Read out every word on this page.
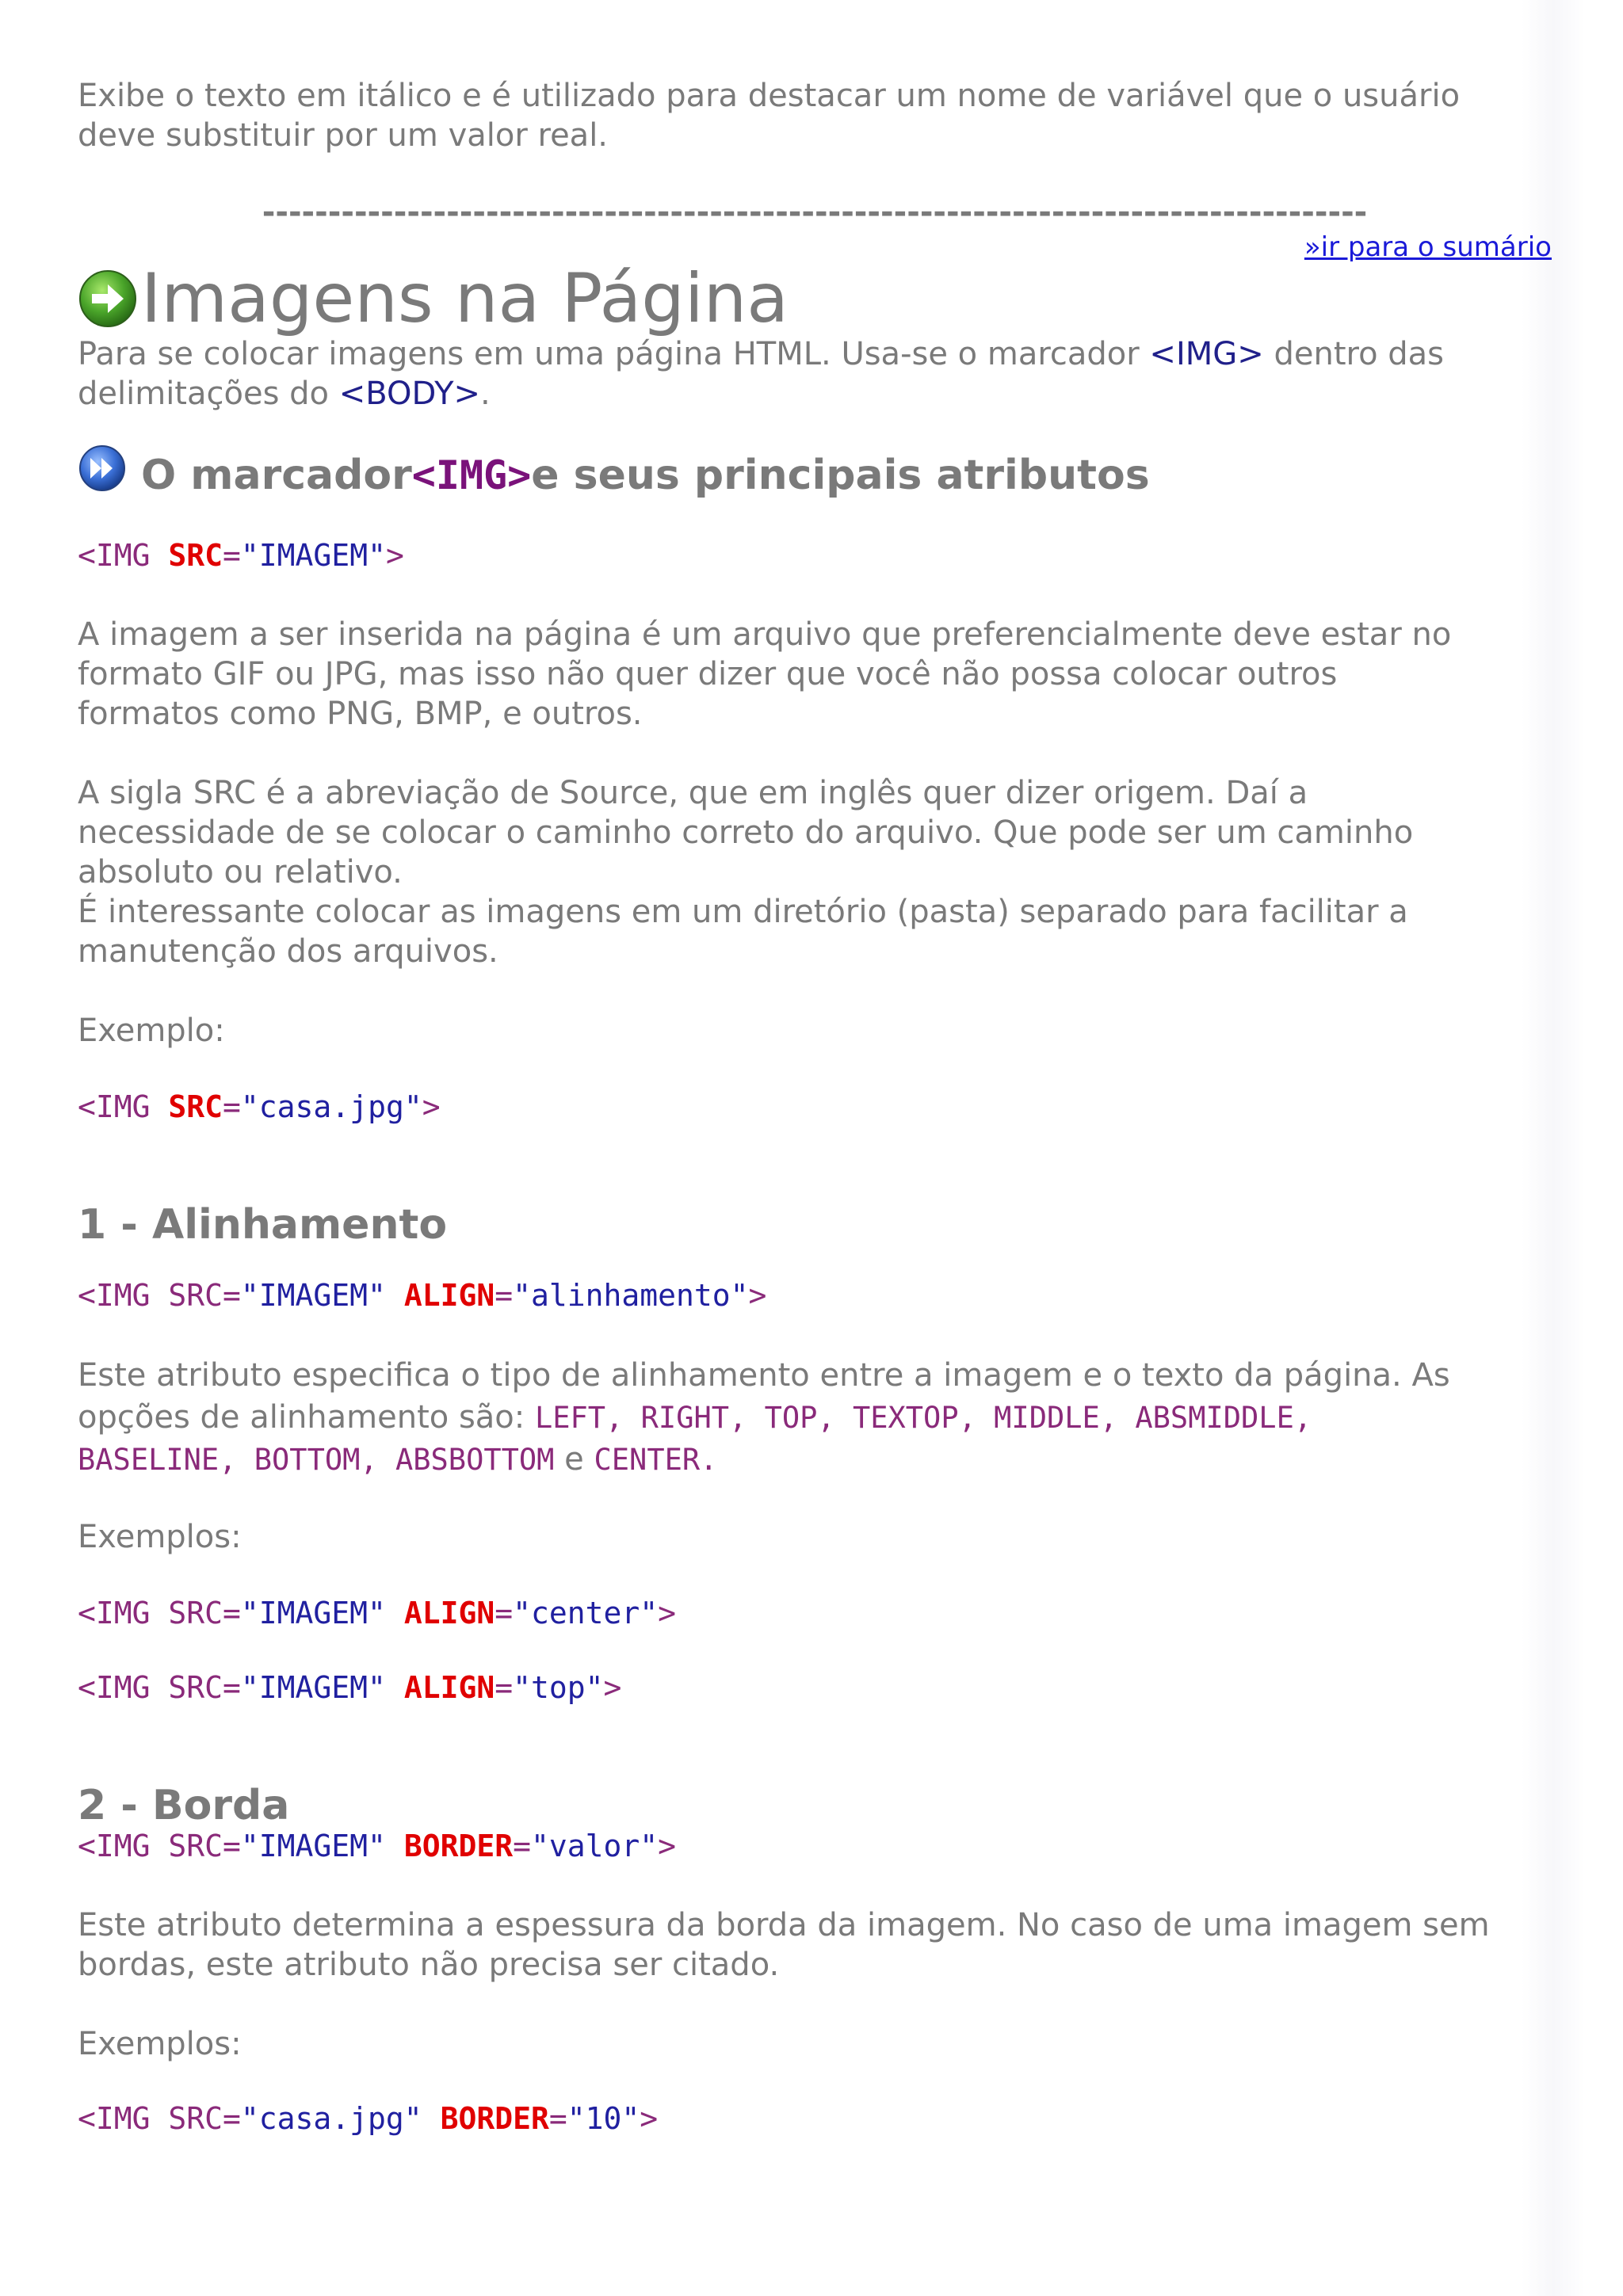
Exibe o texto em itálico e é utilizado para destacar um nome de variável que o usuário
deve substituir por um valor real.

------------------------------------------------------------------------------------
»ir para o sumário
Imagens na Página

Para se colocar imagens em uma página HTML. Usa-se o marcador <IMG> dentro das
delimitações do <BODY>.

O marcador <IMG> e seus principais atributos

<IMG SRC="IMAGEM">

A imagem a ser inserida na página é um arquivo que preferencialmente deve estar no
formato GIF ou JPG, mas isso não quer dizer que você não possa colocar outros
formatos como PNG, BMP, e outros.

A sigla SRC é a abreviação de Source, que em inglês quer dizer origem. Daí a
necessidade de se colocar o caminho correto do arquivo. Que pode ser um caminho
absoluto ou relativo.
É interessante colocar as imagens em um diretório (pasta) separado para facilitar a
manutenção dos arquivos.

Exemplo:

<IMG SRC="casa.jpg">

1 - Alinhamento

<IMG SRC="IMAGEM" ALIGN="alinhamento">

Este atributo especifica o tipo de alinhamento entre a imagem e o texto da página. As
opções de alinhamento são: LEFT, RIGHT, TOP, TEXTOP, MIDDLE, ABSMIDDLE,
BASELINE, BOTTOM, ABSBOTTOM e CENTER.

Exemplos:

<IMG SRC="IMAGEM" ALIGN="center">

<IMG SRC="IMAGEM" ALIGN="top">

2 - Borda

<IMG SRC="IMAGEM" BORDER="valor">

Este atributo determina a espessura da borda da imagem. No caso de uma imagem sem
bordas, este atributo não precisa ser citado.

Exemplos:

<IMG SRC="casa.jpg" BORDER="10">
